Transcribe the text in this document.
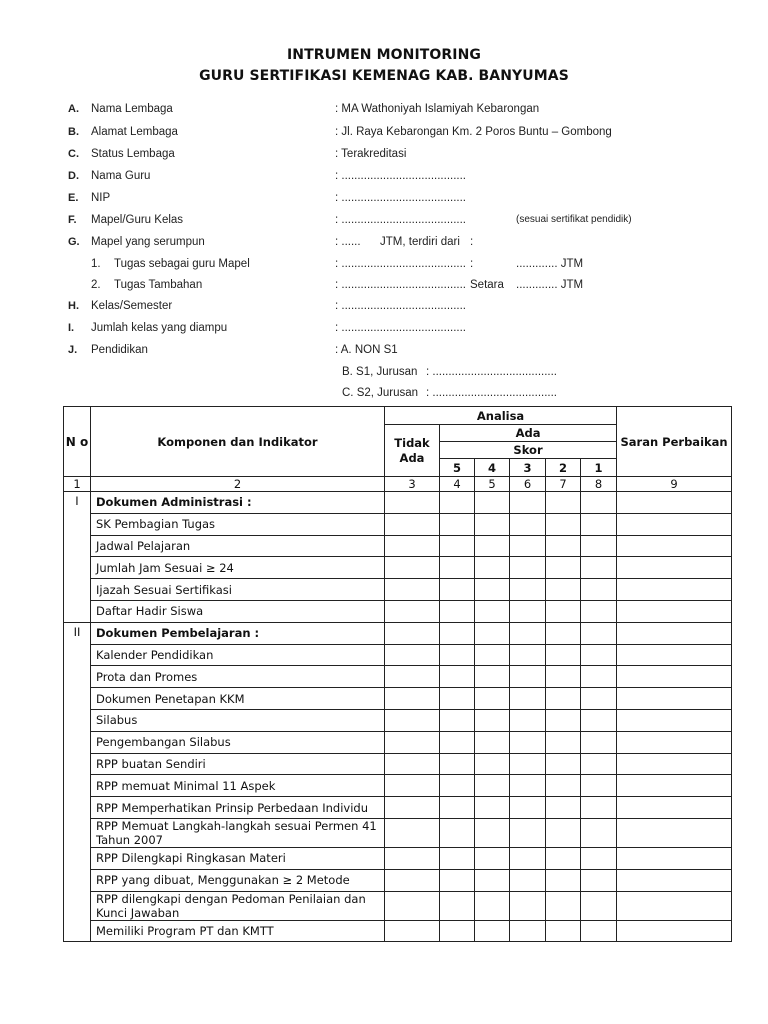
INTRUMEN MONITORING
GURU SERTIFIKASI KEMENAG KAB. BANYUMAS
A. Nama Lembaga	: MA Wathoniyah Islamiyah Kebarongan
B. Alamat Lembaga	: Jl. Raya Kebarongan Km. 2 Poros Buntu – Gombong
C. Status Lembaga	: Terakreditasi
D. Nama Guru	: .......................................
E. NIP	: .......................................
F. Mapel/Guru Kelas	: .......................................	(sesuai sertifikat pendidik)
G. Mapel yang serumpun	: ...... JTM, terdiri dari :
1. Tugas sebagai guru Mapel	: ....................................... :	............. JTM
2. Tugas Tambahan	: ....................................... Setara ............. JTM
H. Kelas/Semester	: .......................................
I. Jumlah kelas yang diampu	: .......................................
J. Pendidikan	: A. NON S1
B. S1, Jurusan : .......................................
C. S2, Jurusan : .......................................
N o	Komponen dan Indikator	Analisa						Saran Perbaikan
		Tidak Ada	Ada					
			Skor					
			5	4	3	2	1	
1	2	3	4	5	6	7	8	9
I	Dokumen Administrasi :							
	SK Pembagian Tugas							
	Jadwal Pelajaran							
	Jumlah Jam Sesuai ≥ 24							
	Ijazah Sesuai Sertifikasi							
	Daftar Hadir Siswa							
II	Dokumen Pembelajaran :							
	Kalender Pendidikan							
	Prota dan Promes							
	Dokumen Penetapan KKM							
	Silabus							
	Pengembangan Silabus							
	RPP buatan Sendiri							
	RPP memuat Minimal 11 Aspek							
	RPP Memperhatikan Prinsip Perbedaan Individu							
	RPP Memuat Langkah-langkah sesuai Permen 41 Tahun 2007							
	RPP Dilengkapi Ringkasan Materi							
	RPP yang dibuat, Menggunakan ≥ 2 Metode							
	RPP dilengkapi dengan Pedoman Penilaian dan Kunci Jawaban							
	Memiliki Program PT dan KMTT							
